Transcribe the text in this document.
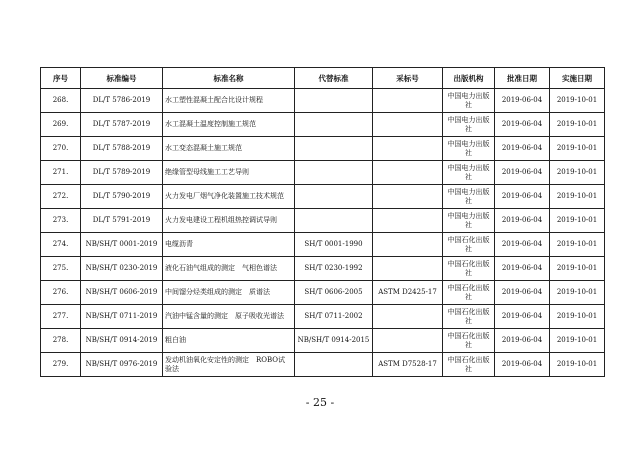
序号	标准编号	标准名称	代替标准	采标号	出版机构	批准日期	实施日期
268.	DL/T 5786-2019	水工塑性混凝土配合比设计规程			中国电力出版社	2019-06-04	2019-10-01
269.	DL/T 5787-2019	水工混凝土温度控制施工规范			中国电力出版社	2019-06-04	2019-10-01
270.	DL/T 5788-2019	水工变态混凝土施工规范			中国电力出版社	2019-06-04	2019-10-01
271.	DL/T 5789-2019	绝缘管型母线施工工艺导则			中国电力出版社	2019-06-04	2019-10-01
272.	DL/T 5790-2019	火力发电厂烟气净化装置施工技术规范			中国电力出版社	2019-06-04	2019-10-01
273.	DL/T 5791-2019	火力发电建设工程机组热控调试导则			中国电力出版社	2019-06-04	2019-10-01
274.	NB/SH/T 0001-2019	电缆沥青	SH/T 0001-1990		中国石化出版社	2019-06-04	2019-10-01
275.	NB/SH/T 0230-2019	液化石油气组成的测定　气相色谱法	SH/T 0230-1992		中国石化出版社	2019-06-04	2019-10-01
276.	NB/SH/T 0606-2019	中间馏分烃类组成的测定　质谱法	SH/T 0606-2005	ASTM D2425-17	中国石化出版社	2019-06-04	2019-10-01
277.	NB/SH/T 0711-2019	汽油中锰含量的测定　原子吸收光谱法	SH/T 0711-2002		中国石化出版社	2019-06-04	2019-10-01
278.	NB/SH/T 0914-2019	粗白油	NB/SH/T 0914-2015		中国石化出版社	2019-06-04	2019-10-01
279.	NB/SH/T 0976-2019	发动机油氧化安定性的测定　ROBO试验法		ASTM D7528-17	中国石化出版社	2019-06-04	2019-10-01
- 25 -
